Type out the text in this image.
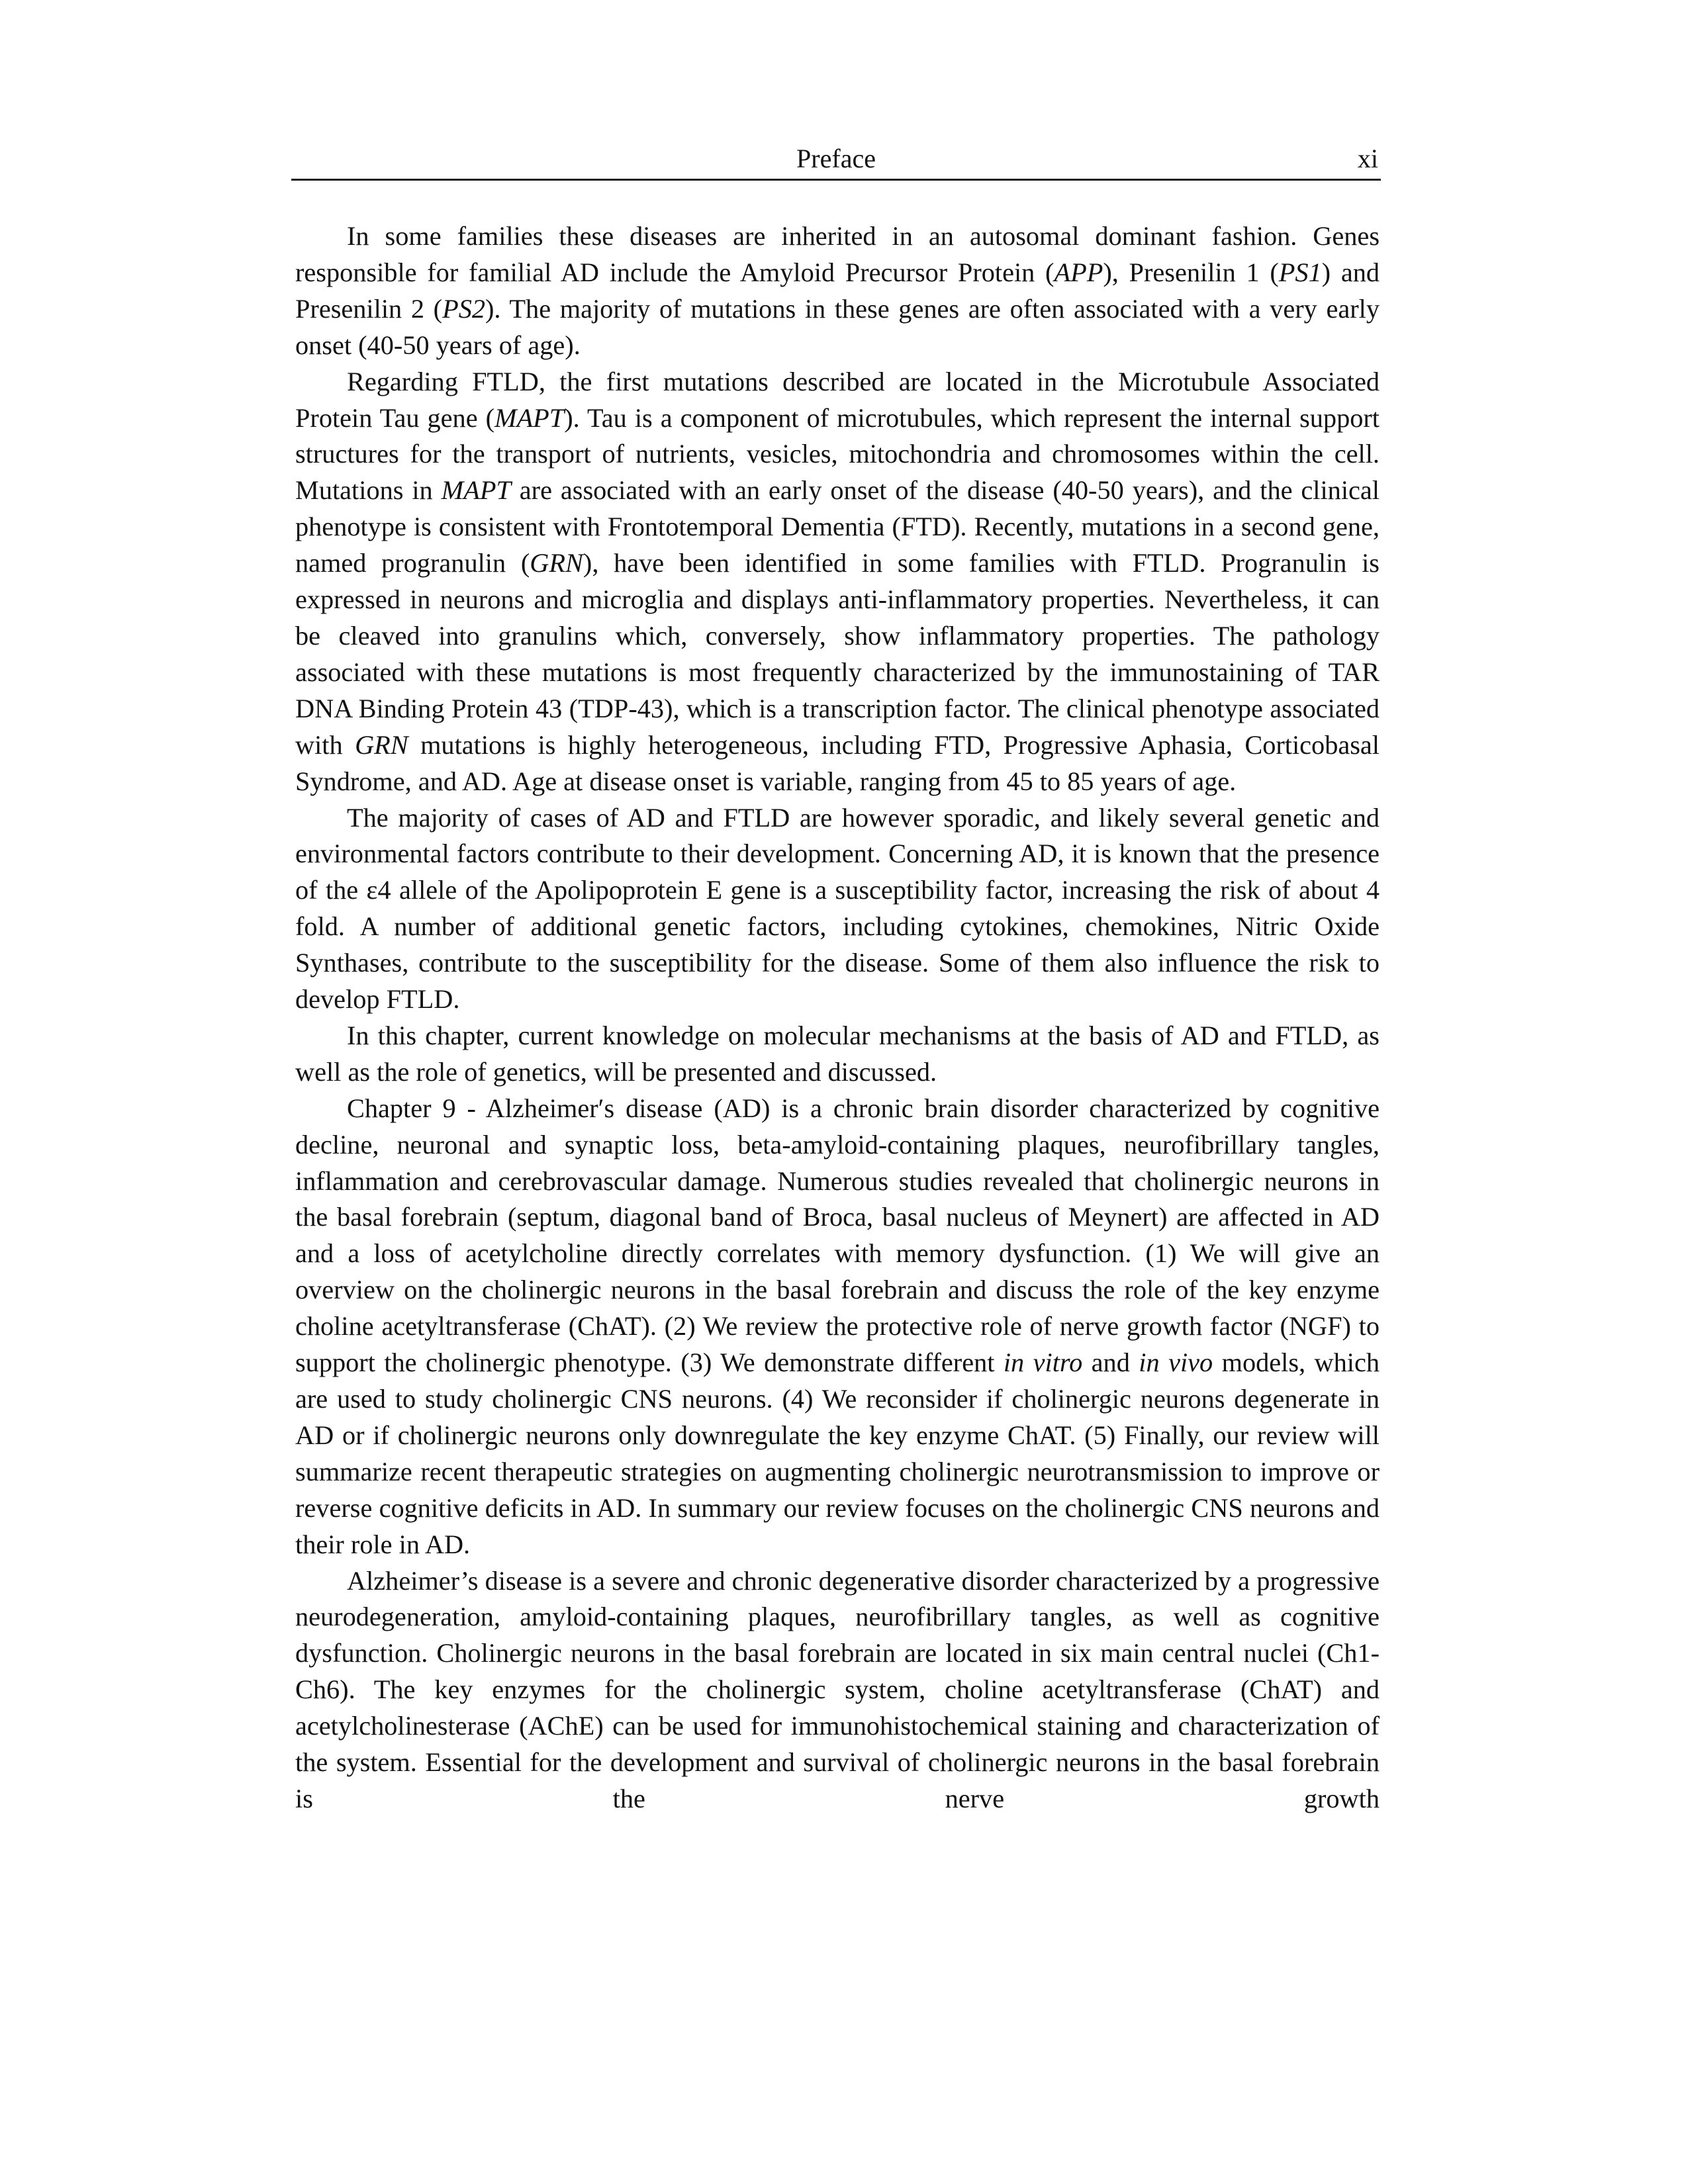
Preface	xi

In some families these diseases are inherited in an autosomal dominant fashion. Genes responsible for familial AD include the Amyloid Precursor Protein (APP), Presenilin 1 (PS1) and Presenilin 2 (PS2). The majority of mutations in these genes are often associated with a very early onset (40-50 years of age).

Regarding FTLD, the first mutations described are located in the Microtubule Associated Protein Tau gene (MAPT). Tau is a component of microtubules, which represent the internal support structures for the transport of nutrients, vesicles, mitochondria and chromosomes within the cell. Mutations in MAPT are associated with an early onset of the disease (40-50 years), and the clinical phenotype is consistent with Frontotemporal Dementia (FTD). Recently, mutations in a second gene, named progranulin (GRN), have been identified in some families with FTLD. Progranulin is expressed in neurons and microglia and displays anti-inflammatory properties. Nevertheless, it can be cleaved into granulins which, conversely, show inflammatory properties. The pathology associated with these mutations is most frequently characterized by the immunostaining of TAR DNA Binding Protein 43 (TDP-43), which is a transcription factor. The clinical phenotype associated with GRN mutations is highly heterogeneous, including FTD, Progressive Aphasia, Corticobasal Syndrome, and AD. Age at disease onset is variable, ranging from 45 to 85 years of age.

The majority of cases of AD and FTLD are however sporadic, and likely several genetic and environmental factors contribute to their development. Concerning AD, it is known that the presence of the ε4 allele of the Apolipoprotein E gene is a susceptibility factor, increasing the risk of about 4 fold. A number of additional genetic factors, including cytokines, chemokines, Nitric Oxide Synthases, contribute to the susceptibility for the disease. Some of them also influence the risk to develop FTLD.

In this chapter, current knowledge on molecular mechanisms at the basis of AD and FTLD, as well as the role of genetics, will be presented and discussed.

Chapter 9 - Alzheimer′s disease (AD) is a chronic brain disorder characterized by cognitive decline, neuronal and synaptic loss, beta-amyloid-containing plaques, neurofibrillary tangles, inflammation and cerebrovascular damage. Numerous studies revealed that cholinergic neurons in the basal forebrain (septum, diagonal band of Broca, basal nucleus of Meynert) are affected in AD and a loss of acetylcholine directly correlates with memory dysfunction. (1) We will give an overview on the cholinergic neurons in the basal forebrain and discuss the role of the key enzyme choline acetyltransferase (ChAT). (2) We review the protective role of nerve growth factor (NGF) to support the cholinergic phenotype. (3) We demonstrate different in vitro and in vivo models, which are used to study cholinergic CNS neurons. (4) We reconsider if cholinergic neurons degenerate in AD or if cholinergic neurons only downregulate the key enzyme ChAT. (5) Finally, our review will summarize recent therapeutic strategies on augmenting cholinergic neurotransmission to improve or reverse cognitive deficits in AD. In summary our review focuses on the cholinergic CNS neurons and their role in AD.

Alzheimer’s disease is a severe and chronic degenerative disorder characterized by a progressive neurodegeneration, amyloid-containing plaques, neurofibrillary tangles, as well as cognitive dysfunction. Cholinergic neurons in the basal forebrain are located in six main central nuclei (Ch1-Ch6). The key enzymes for the cholinergic system, choline acetyltransferase (ChAT) and acetylcholinesterase (AChE) can be used for immunohistochemical staining and characterization of the system. Essential for the development and survival of cholinergic neurons in the basal forebrain is the nerve growth
